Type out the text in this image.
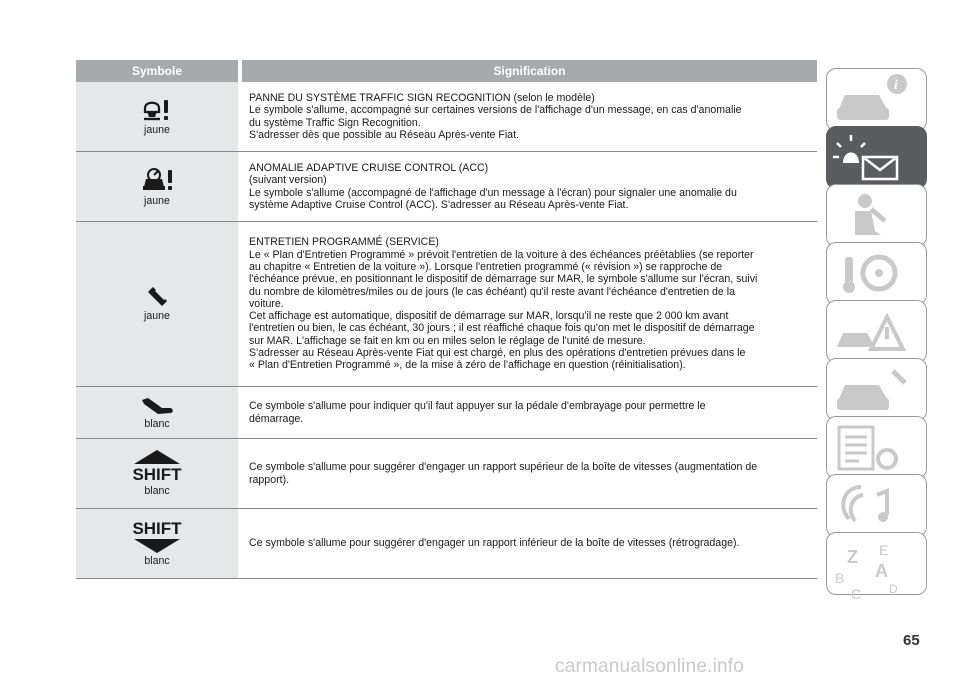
Symbole	Signification
jaune

PANNE DU SYSTÈME TRAFFIC SIGN RECOGNITION (selon le modèle)

Le symbole s'allume, accompagné sur certaines versions de l'affichage d'un message, en cas d'anomalie

du système Traffic Sign Recognition.

S'adresser dès que possible au Réseau Après-vente Fiat.

jaune

ANOMALIE ADAPTIVE CRUISE CONTROL (ACC)

(suivant version)

Le symbole s'allume (accompagné de l'affichage d'un message à l'écran) pour signaler une anomalie du

système Adaptive Cruise Control (ACC). S'adresser au Réseau Après-vente Fiat.

jaune

ENTRETIEN PROGRAMMÉ (SERVICE)

Le « Plan d'Entretien Programmé » prévoit l'entretien de la voiture à des échéances préétablies (se reporter

au chapitre « Entretien de la voiture »). Lorsque l'entretien programmé (« révision ») se rapproche de

l'échéance prévue, en positionnant le dispositif de démarrage sur MAR, le symbole s'allume sur l'écran, suivi

du nombre de kilomètres/miles ou de jours (le cas échéant) qu'il reste avant l'échéance d'entretien de la

voiture.

Cet affichage est automatique, dispositif de démarrage sur MAR, lorsqu'il ne reste que 2 000 km avant

l'entretien ou bien, le cas échéant, 30 jours ; il est réaffiché chaque fois qu'on met le dispositif de démarrage

sur MAR. L'affichage se fait en km ou en miles selon le réglage de l'unité de mesure.

S'adresser au Réseau Après-vente Fiat qui est chargé, en plus des opérations d'entretien prévues dans le

« Plan d'Entretien Programmé », de la mise à zéro de l'affichage en question (réinitialisation).

blanc

Ce symbole s'allume pour indiquer qu'il faut appuyer sur la pédale d'embrayage pour permettre le

démarrage.

SHIFT
blanc

Ce symbole s'allume pour suggérer d'engager un rapport supérieur de la boîte de vitesses (augmentation de

rapport).

SHIFT
blanc

Ce symbole s'allume pour suggérer d'engager un rapport inférieur de la boîte de vitesses (rétrogradage).

i
Z E
A
B
C D
65
carmanualsonline.info
